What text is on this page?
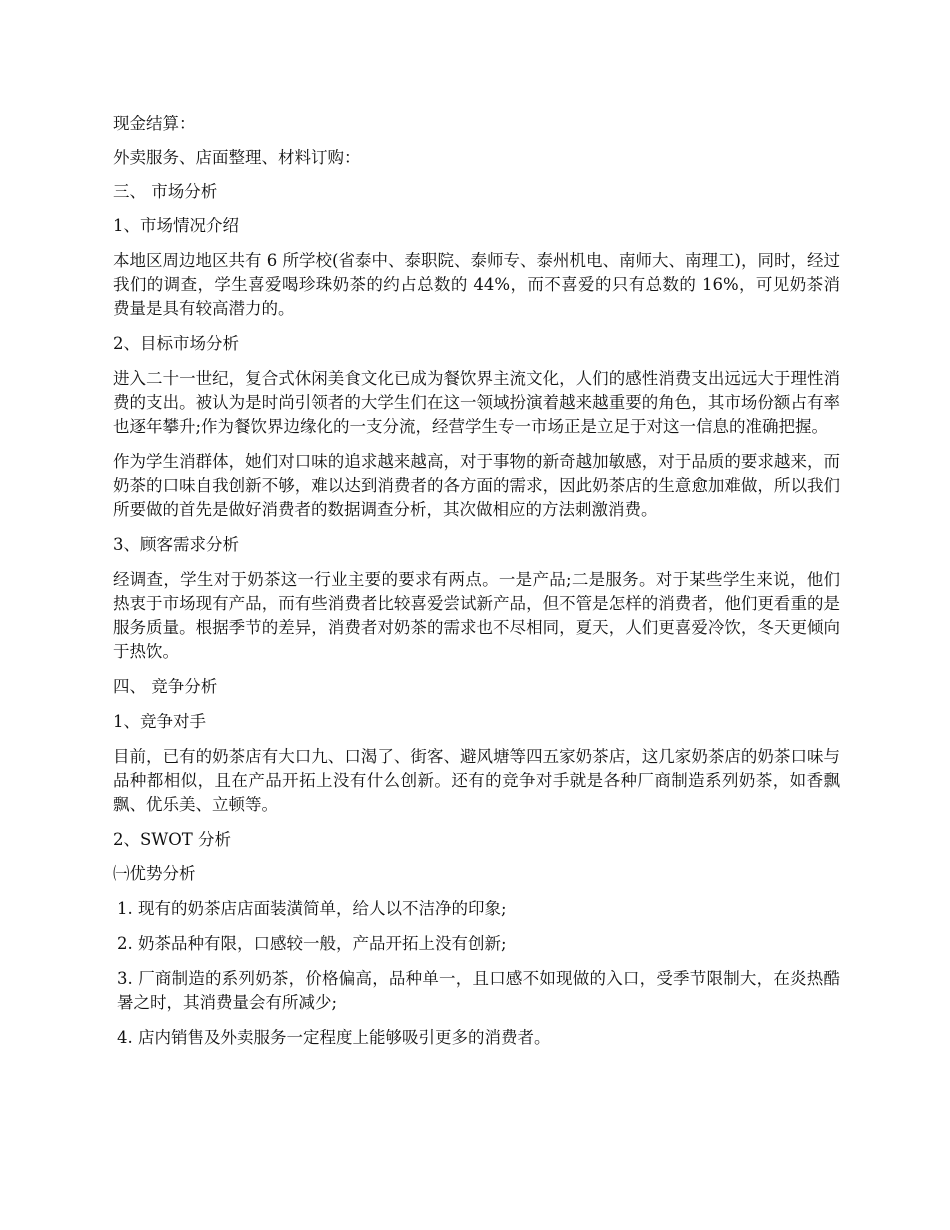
现金结算：

外卖服务、店面整理、材料订购：

三、 市场分析

1、市场情况介绍

本地区周边地区共有 6 所学校(省泰中、泰职院、泰师专、泰州机电、南师大、南理工)，同时，经过我们的调查，学生喜爱喝珍珠奶茶的约占总数的 44%，而不喜爱的只有总数的 16%，可见奶茶消费量是具有较高潜力的。

2、目标市场分析

进入二十一世纪，复合式休闲美食文化已成为餐饮界主流文化，人们的感性消费支出远远大于理性消费的支出。被认为是时尚引领者的大学生们在这一领域扮演着越来越重要的角色，其市场份额占有率也逐年攀升;作为餐饮界边缘化的一支分流，经营学生专一市场正是立足于对这一信息的准确把握。

作为学生消群体，她们对口味的追求越来越高，对于事物的新奇越加敏感，对于品质的要求越来，而奶茶的口味自我创新不够，难以达到消费者的各方面的需求，因此奶茶店的生意愈加难做，所以我们所要做的首先是做好消费者的数据调查分析，其次做相应的方法刺激消费。

3、顾客需求分析

经调查，学生对于奶茶这一行业主要的要求有两点。一是产品;二是服务。对于某些学生来说，他们热衷于市场现有产品，而有些消费者比较喜爱尝试新产品，但不管是怎样的消费者，他们更看重的是服务质量。根据季节的差异，消费者对奶茶的需求也不尽相同，夏天，人们更喜爱冷饮，冬天更倾向于热饮。

四、 竞争分析

1、竞争对手

目前，已有的奶茶店有大口九、口渴了、街客、避风塘等四五家奶茶店，这几家奶茶店的奶茶口味与品种都相似，且在产品开拓上没有什么创新。还有的竞争对手就是各种厂商制造系列奶茶，如香飘飘、优乐美、立顿等。

2、SWOT 分析

㈠优势分析

1. 现有的奶茶店店面装潢简单，给人以不洁净的印象;

2. 奶茶品种有限，口感较一般，产品开拓上没有创新;

3. 厂商制造的系列奶茶，价格偏高，品种单一，且口感不如现做的入口，受季节限制大，在炎热酷暑之时，其消费量会有所减少;

4. 店内销售及外卖服务一定程度上能够吸引更多的消费者。
